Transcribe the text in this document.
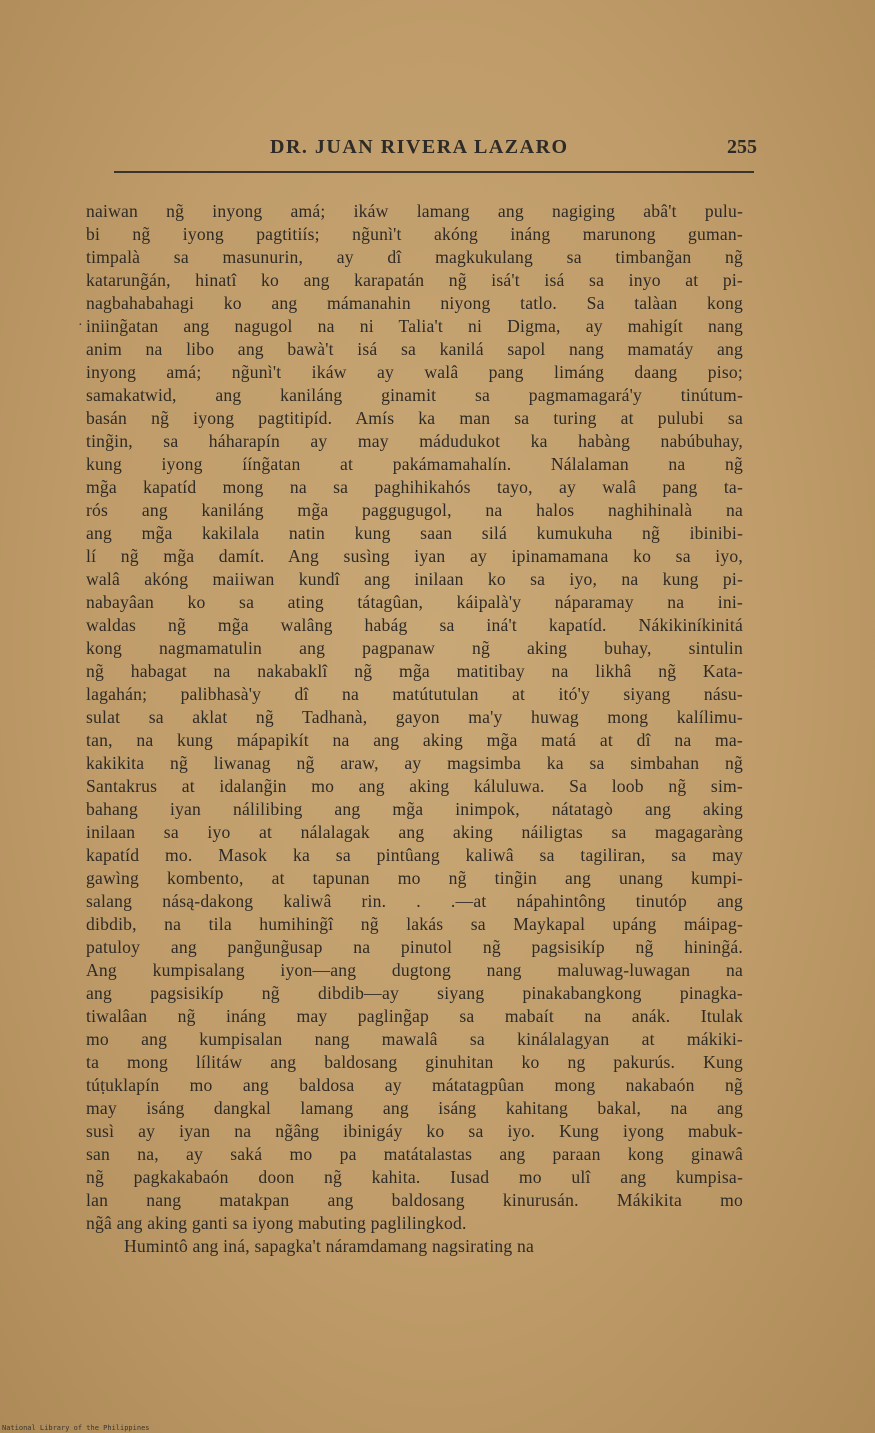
DR. JUAN RIVERA LAZARO	255
·
naiwan ng̃ inyong amá; ikáw lamang ang nagiging abâ't pulu-
bi ng̃ iyong pagtitiís; ng̃unì't akóng ináng marunong guman-
timpalà sa masunurin, ay dî magkukulang sa timbang̃an ng̃
katarung̃án, hinatî ko ang karapatán ng̃ isá't isá sa inyo at pi-
nagbahabahagi ko ang mámanahin niyong tatlo. Sa talàan kong
iniing̃atan ang nagugol na ni Talia't ni Digma, ay mahigít nang
anim na libo ang bawà't isá sa kanilá sapol nang mamatáy ang
inyong amá; ng̃unì't ikáw ay walâ pang limáng daang piso;
samakatwid, ang kaniláng ginamit sa pagmamagará'y tinútum-
basán ng̃ iyong pagtitipíd. Amís ka man sa turing at pulubi sa
ting̃in, sa háharapín ay may mádudukot ka habàng nabúbuhay,
kung iyong ííng̃atan at pakámamahalín. Nálalaman na ng̃
mg̃a kapatíd mong na sa paghihikahós tayo, ay walâ pang ta-
rós ang kaniláng mg̃a paggugugol, na halos naghihinalà na
ang mg̃a kakilala natin kung saan silá kumukuha ng̃ ibinibi-
lí ng̃ mg̃a damít. Ang susìng iyan ay ipinamamana ko sa iyo,
walâ akóng maiiwan kundî ang inilaan ko sa iyo, na kung pi-
nabayâan ko sa ating tátagûan, káipalà'y náparamay na ini-
waldas ng̃ mg̃a walâng habág sa iná't kapatíd. Nákikiníkinitá
kong nagmamatulin ang pagpanaw ng̃ aking buhay, sintulin
ng̃ habagat na nakabaklî ng̃ mg̃a matitibay na likhâ ng̃ Kata-
lagahán; palibhasà'y dî na matútutulan at itó'y siyang násu-
sulat sa aklat ng̃ Tadhanà, gayon ma'y huwag mong kalílimu-
tan, na kung mápapikít na ang aking mg̃a matá at dî na ma-
kakikita ng̃ liwanag ng̃ araw, ay magsimba ka sa simbahan ng̃
Santakrus at idalang̃in mo ang aking káluluwa. Sa loob ng̃ sim-
bahang iyan nálilibing ang mg̃a inimpok, nátatagò ang aking
inilaan sa iyo at nálalagak ang aking náiligtas sa magagaràng
kapatíd mo. Masok ka sa pintûang kaliwâ sa tagiliran, sa may
gawìng kombento, at tapunan mo ng̃ ting̃in ang unang kumpi-
salang násą-dakong kaliwâ rin. . .—at nápahintông tinutóp ang
dibdib, na tila humihing̃î ng̃ lakás sa Maykapal upáng máipag-
patuloy ang pang̃ung̃usap na pinutol ng̃ pagsisikíp ng̃ hining̃á.
Ang kumpisalang iyon—ang dugtong nang maluwag-luwagan na
ang pagsisikíp ng̃ dibdib—ay siyang pinakabangkong pinagka-
tiwalâan ng̃ ináng may pagling̃ap sa mabaít na anák. Itulak
mo ang kumpisalan nang mawalâ sa kinálalagyan at mákiki-
ta mong lílitáw ang baldosang ginuhitan ko ng pakurús. Kung
túṭuklapín mo ang baldosa ay mátatagpûan mong nakabaón ng̃
may isáng dangkal lamang ang isáng kahitang bakal, na ang
susì ay iyan na ng̃âng ibinigáy ko sa iyo. Kung iyong mabuk-
san na, ay saká mo pa matátalastas ang paraan kong ginawâ
ng̃ pagkakabaón doon ng̃ kahita. Iusad mo ulî ang kumpisa-
lan nang matakpan ang baldosang kinurusán. Mákikita mo
ng̃â ang aking ganti sa iyong mabuting paglilingkod.
Humintô ang iná, sapagka't náramdamang nagsirating na
National Library of the Philippines
